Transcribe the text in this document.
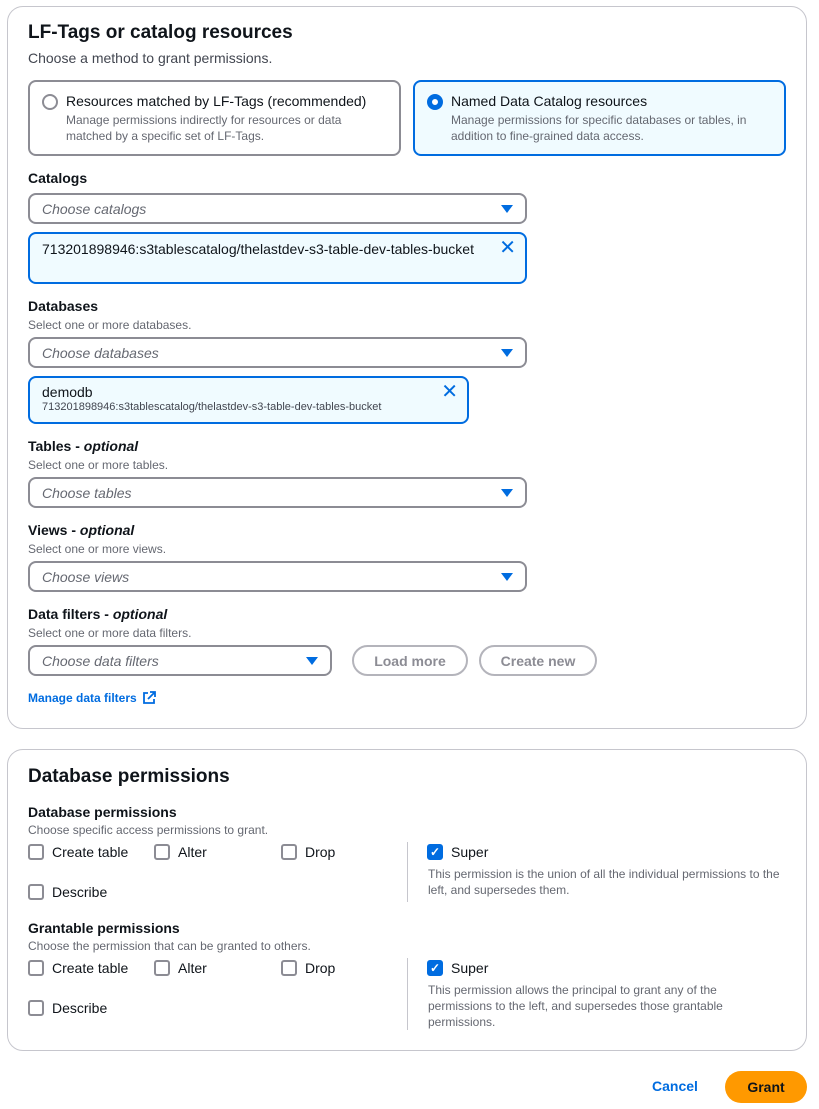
LF-Tags or catalog resources
Choose a method to grant permissions.
Resources matched by LF-Tags (recommended)
Manage permissions indirectly for resources or data matched by a specific set of LF-Tags.
Named Data Catalog resources
Manage permissions for specific databases or tables, in addition to fine-grained data access.
Catalogs
Choose catalogs
713201898946:s3tablescatalog/thelastdev-s3-table-dev-tables-bucket ✕
Databases
Select one or more databases.
Choose databases
demodb
713201898946:s3tablescatalog/thelastdev-s3-table-dev-tables-bucket
✕
Tables - optional
Select one or more tables.
Choose tables
Views - optional
Select one or more views.
Choose views
Data filters - optional
Select one or more data filters.
Choose data filters	Load more	Create new
Manage data filters
Database permissions
Database permissions
Choose specific access permissions to grant.
Create table	Alter	Drop
Describe
✓ Super
This permission is the union of all the individual permissions to the left, and supersedes them.
Grantable permissions
Choose the permission that can be granted to others.
Create table	Alter	Drop
Describe
✓ Super
This permission allows the principal to grant any of the permissions to the left, and supersedes those grantable permissions.
Cancel	Grant
